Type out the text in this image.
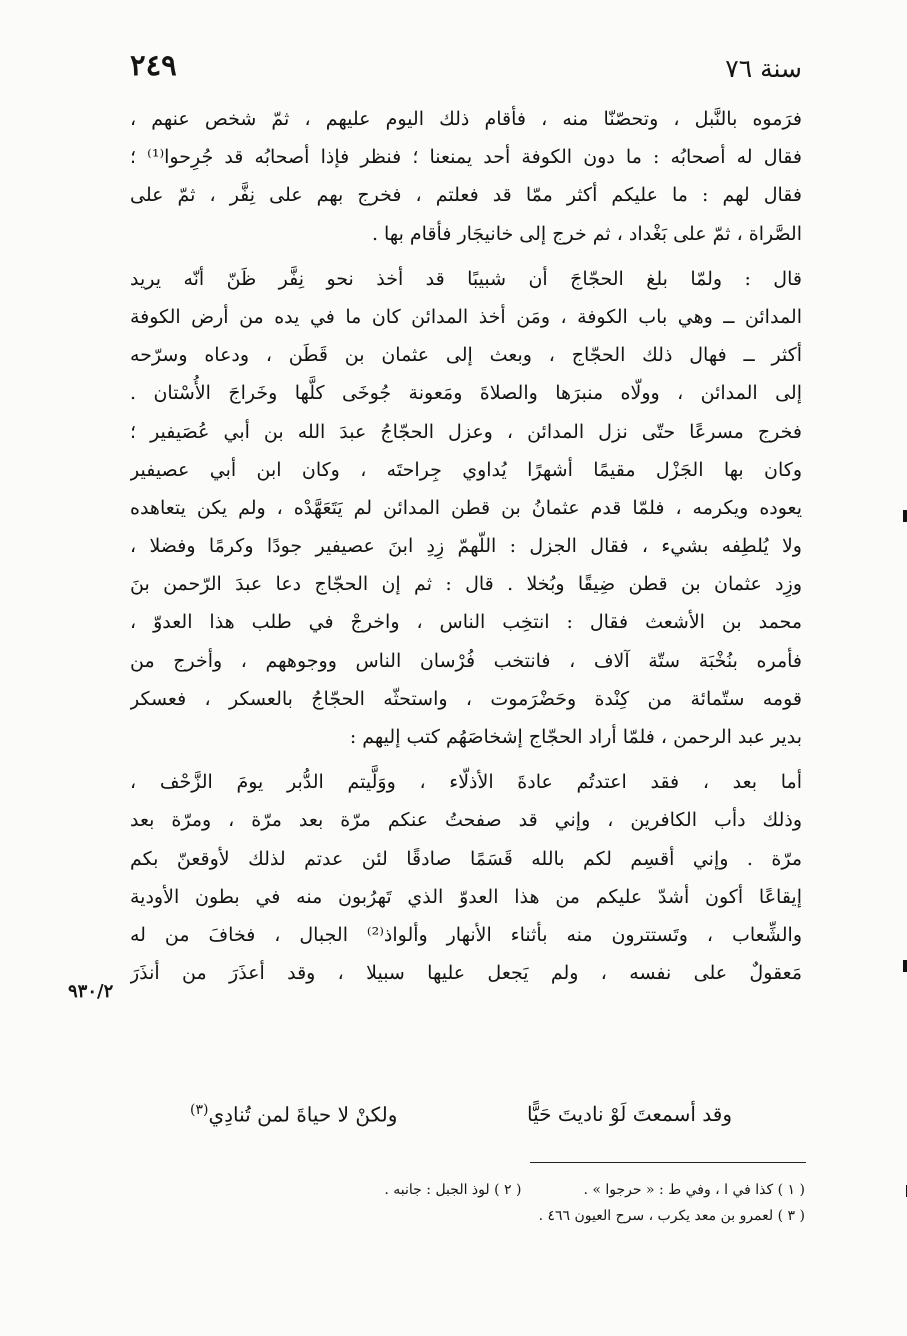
سنة ٧٦
٢٤٩
فرَموه بالنَّبل ، وتحصّنّا منه ، فأقام ذلك اليوم عليهم ، ثمّ شخص عنهم ،
فقال له أصحابُه : ما دون الكوفة أحد يمنعنا ؛ فنظر فإذا أصحابُه قد جُرِحوا⁽¹⁾ ؛
فقال لهم : ما عليكم أكثر ممّا قد فعلتم ، فخرج بهم على نِفَّر ، ثمّ على
الصَّراة ، ثمّ على بَغْداد ، ثم خرج إلى خانيجَار فأقام بها .
قال : ولمّا بلغ الحجّاجَ أن شبيبًا قد أخذ نحو نِفَّر ظَنّ أنّه يريد
المدائن ــ وهي باب الكوفة ، ومَن أخذ المدائن كان ما في يده من أرض الكوفة
أكثر ــ فهال ذلك الحجّاج ، وبعث إلى عثمان بن قَطَن ، ودعاه وسرّحه
إلى المدائن ، وولّاه منبرَها والصلاةَ ومَعونة جُوخَى كلَّها وخَراجَ الأُسْتان .
فخرج مسرعًا حتّى نزل المدائن ، وعزل الحجّاجُ عبدَ الله بن أبي عُصَيفير ؛
وكان بها الجَزْل مقيمًا أشهرًا يُداوي جِراحتَه ، وكان ابن أبي عصيفير
يعوده ويكرمه ، فلمّا قدم عثمانُ بن قطن المدائن لم يَتَعَهَّدْه ، ولم يكن يتعاهده
ولا يُلطِفه بشيء ، فقال الجزل : اللّهمّ زِدِ ابنَ عصيفير جودًا وكرمًا وفضلا ،
وزِد عثمان بن قطن ضِيقًا وبُخلا . قال : ثم إن الحجّاج دعا عبدَ الرّحمن بنَ
محمد بن الأشعث فقال : انتخِب الناس ، واخرجْ في طلب هذا العدوّ ،
فأمره بنُخْبَة ستّة آلاف ، فانتخب فُرْسان الناس ووجوههم ، وأخرج من
قومه ستّمائة من كِنْدة وحَضْرَموت ، واستحثّه الحجّاجُ بالعسكر ، فعسكر
بدير عبد الرحمن ، فلمّا أراد الحجّاج إشخاصَهُم كتب إليهم :
أما بعد ، فقد اعتدتُم عادةَ الأذلّاء ، ووَلَّيتم الدُّبر يومَ الزَّحْف ،
وذلك دأب الكافرين ، وإني قد صفحتُ عنكم مرّة بعد مرّة ، ومرّة بعد
مرّة . وإني أقسِم لكم بالله قَسَمًا صادقًا لئن عدتم لذلك لأوقعنّ بكم
إيقاعًا أكون أشدّ عليكم من هذا العدوّ الذي تَهرُبون منه في بطون الأودية
والشِّعاب ، وتَستترون منه بأثناء الأنهار وألواذ⁽²⁾ الجبال ، فخافَ من له
مَعقولٌ على نفسه ، ولم يَجعل عليها سبيلا ، وقد أعذَرَ من أنذَرَ
٩٣٠/٢
وقد أسمعتَ لَوْ ناديتَ حَيًّا
ولكنْ لا حياةَ لمن تُنادِي$^{(٣)}$
( ١ ) كذا في ا ، وفي ط : « حرجوا » .( ٢ ) لوذ الجبل : جانبه .
( ٣ ) لعمرو بن معد يكرب ، سرح العيون ٤٦٦ .
